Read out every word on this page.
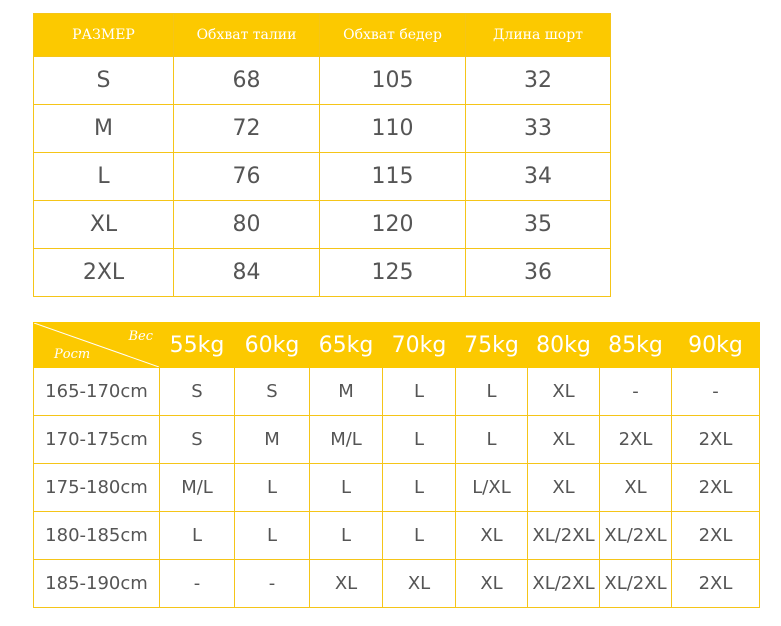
РАЗМЕР	Обхват талии	Обхват бедер	Длина шорт
S	68	105	32
M	72	110	33
L	76	115	34
XL	80	120	35
2XL	84	125	36
Вес
Рост	55kg	60kg	65kg	70kg	75kg	80kg	85kg	90kg
165-170cm	S	S	M	L	L	XL	-	-
170-175cm	S	M	M/L	L	L	XL	2XL	2XL
175-180cm	M/L	L	L	L	L/XL	XL	XL	2XL
180-185cm	L	L	L	L	XL	XL/2XL	XL/2XL	2XL
185-190cm	-	-	XL	XL	XL	XL/2XL	XL/2XL	2XL
